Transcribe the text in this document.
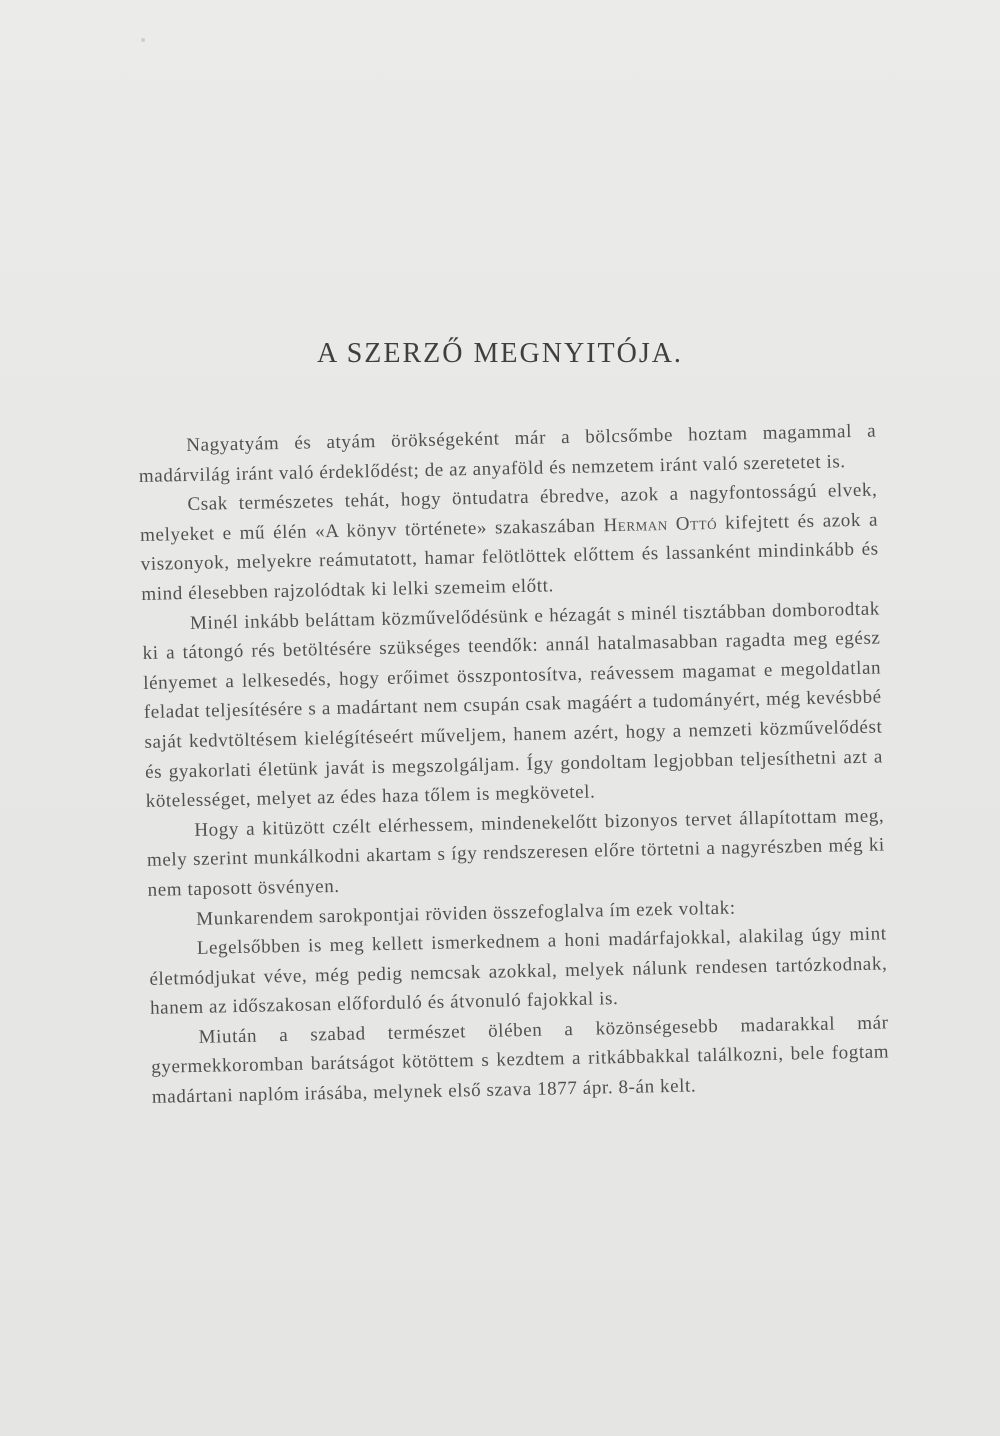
A SZERZŐ MEGNYITÓJA.

Nagyatyám és atyám örökségeként már a bölcsőmbe hoztam magammal a madárvilág iránt való érdeklődést; de az anyaföld és nemzetem iránt való szeretetet is.

Csak természetes tehát, hogy öntudatra ébredve, azok a nagyfontosságú elvek, melyeket e mű élén «A könyv története» szakaszában Herman Ottó kifejtett és azok a viszonyok, melyekre reámutatott, hamar felötlöttek előttem és lassanként mindinkább és mind élesebben rajzolódtak ki lelki szemeim előtt.

Minél inkább beláttam közművelődésünk e hézagát s minél tisztábban domborodtak ki a tátongó rés betöltésére szükséges teendők: annál hatalmasabban ragadta meg egész lényemet a lelkesedés, hogy erőimet összpontosítva, reávessem magamat e megoldatlan feladat teljesítésére s a madártant nem csupán csak magáért a tudományért, még kevésbbé saját kedvtöltésem kielégítéseért műveljem, hanem azért, hogy a nemzeti közművelődést és gyakorlati életünk javát is megszolgáljam. Így gondoltam legjobban teljesíthetni azt a kötelességet, melyet az édes haza tőlem is megkövetel.

Hogy a kitüzött czélt elérhessem, mindenekelőtt bizonyos tervet állapítottam meg, mely szerint munkálkodni akartam s így rendszeresen előre törtetni a nagyrészben még ki nem taposott ösvényen.

Munkarendem sarokpontjai röviden összefoglalva ím ezek voltak:

Legelsőbben is meg kellett ismerkednem a honi madárfajokkal, alakilag úgy mint életmódjukat véve, még pedig nemcsak azokkal, melyek nálunk rendesen tartózkodnak, hanem az időszakosan előforduló és átvonuló fajokkal is.

Miután a szabad természet ölében a közönségesebb madarakkal már gyermekkoromban barátságot kötöttem s kezdtem a ritkábbakkal találkozni, bele fogtam madártani naplóm irásába, melynek első szava 1877 ápr. 8-án kelt.
